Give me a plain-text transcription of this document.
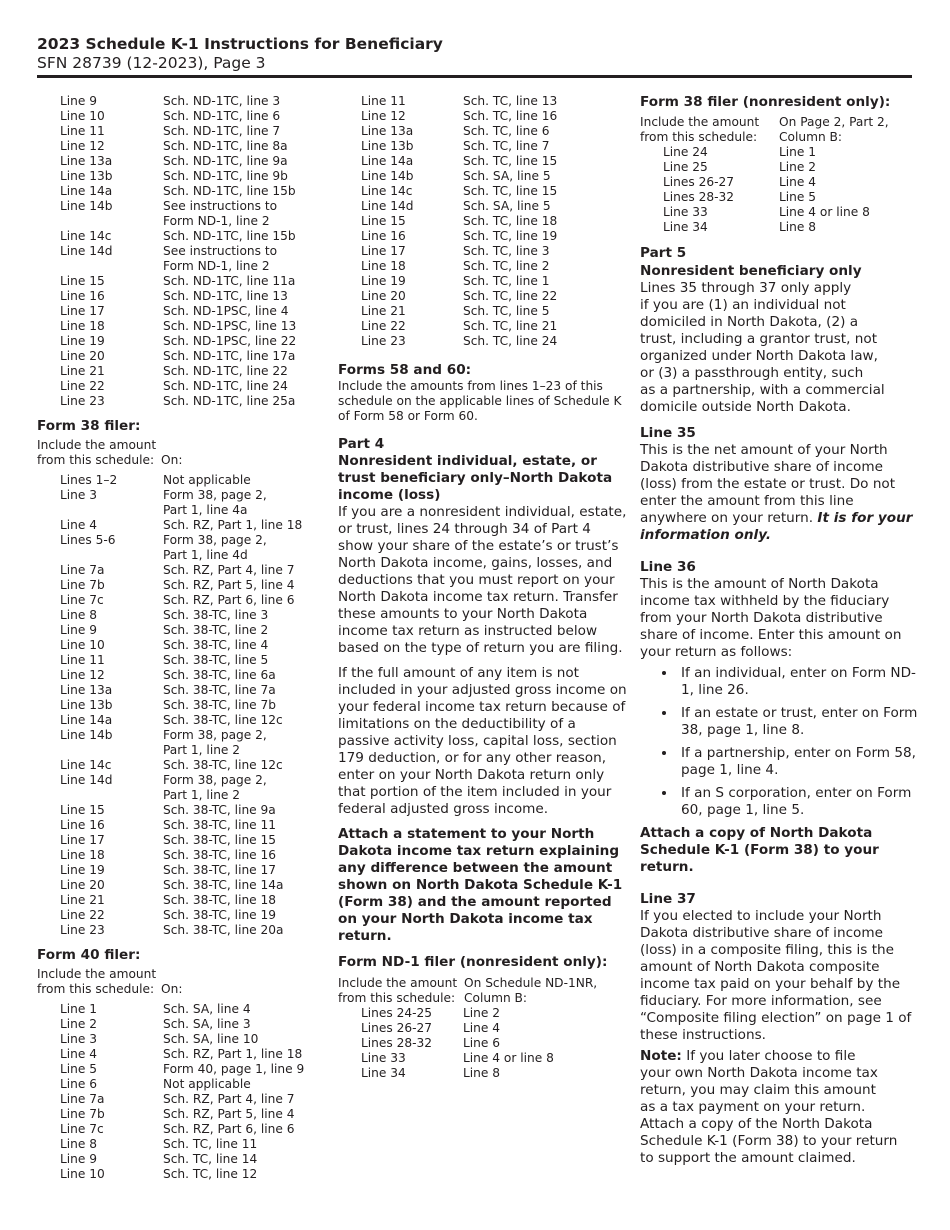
2023 Schedule K-1 Instructions for Beneficiary
SFN 28739 (12-2023), Page 3
Line 9	Sch. ND-1TC, line 3
Line 10	Sch. ND-1TC, line 6
Line 11	Sch. ND-1TC, line 7
Line 12	Sch. ND-1TC, line 8a
Line 13a	Sch. ND-1TC, line 9a
Line 13b	Sch. ND-1TC, line 9b
Line 14a	Sch. ND-1TC, line 15b
Line 14b	See instructions to
Form ND-1, line 2
Line 14c	Sch. ND-1TC, line 15b
Line 14d	See instructions to
Form ND-1, line 2
Line 15	Sch. ND-1TC, line 11a
Line 16	Sch. ND-1TC, line 13
Line 17	Sch. ND-1PSC, line 4
Line 18	Sch. ND-1PSC, line 13
Line 19	Sch. ND-1PSC, line 22
Line 20	Sch. ND-1TC, line 17a
Line 21	Sch. ND-1TC, line 22
Line 22	Sch. ND-1TC, line 24
Line 23	Sch. ND-1TC, line 25a
Form 38 filer:
Include the amount
from this schedule: On:
Lines 1–2	Not applicable
Line 3	Form 38, page 2,
Part 1, line 4a
Line 4	Sch. RZ, Part 1, line 18
Lines 5-6	Form 38, page 2,
Part 1, line 4d
Line 7a	Sch. RZ, Part 4, line 7
Line 7b	Sch. RZ, Part 5, line 4
Line 7c	Sch. RZ, Part 6, line 6
Line 8	Sch. 38-TC, line 3
Line 9	Sch. 38-TC, line 2
Line 10	Sch. 38-TC, line 4
Line 11	Sch. 38-TC, line 5
Line 12	Sch. 38-TC, line 6a
Line 13a	Sch. 38-TC, line 7a
Line 13b	Sch. 38-TC, line 7b
Line 14a	Sch. 38-TC, line 12c
Line 14b	Form 38, page 2,
Part 1, line 2
Line 14c	Sch. 38-TC, line 12c
Line 14d	Form 38, page 2,
Part 1, line 2
Line 15	Sch. 38-TC, line 9a
Line 16	Sch. 38-TC, line 11
Line 17	Sch. 38-TC, line 15
Line 18	Sch. 38-TC, line 16
Line 19	Sch. 38-TC, line 17
Line 20	Sch. 38-TC, line 14a
Line 21	Sch. 38-TC, line 18
Line 22	Sch. 38-TC, line 19
Line 23	Sch. 38-TC, line 20a
Form 40 filer:
Include the amount
from this schedule: On:
Line 1	Sch. SA, line 4
Line 2	Sch. SA, line 3
Line 3	Sch. SA, line 10
Line 4	Sch. RZ, Part 1, line 18
Line 5	Form 40, page 1, line 9
Line 6	Not applicable
Line 7a	Sch. RZ, Part 4, line 7
Line 7b	Sch. RZ, Part 5, line 4
Line 7c	Sch. RZ, Part 6, line 6
Line 8	Sch. TC, line 11
Line 9	Sch. TC, line 14
Line 10	Sch. TC, line 12
Line 11	Sch. TC, line 13
Line 12	Sch. TC, line 16
Line 13a	Sch. TC, line 6
Line 13b	Sch. TC, line 7
Line 14a	Sch. TC, line 15
Line 14b	Sch. SA, line 5
Line 14c	Sch. TC, line 15
Line 14d	Sch. SA, line 5
Line 15	Sch. TC, line 18
Line 16	Sch. TC, line 19
Line 17	Sch. TC, line 3
Line 18	Sch. TC, line 2
Line 19	Sch. TC, line 1
Line 20	Sch. TC, line 22
Line 21	Sch. TC, line 5
Line 22	Sch. TC, line 21
Line 23	Sch. TC, line 24
Forms 58 and 60:

Include the amounts from lines 1–23 of this schedule on the applicable lines of Schedule K of Form 58 or Form 60.

Part 4
Nonresident individual, estate, or trust beneficiary only–North Dakota income (loss)

If you are a nonresident individual, estate, or trust, lines 24 through 34 of Part 4 show your share of the estate’s or trust’s North Dakota income, gains, losses, and deductions that you must report on your North Dakota income tax return. Transfer these amounts to your North Dakota income tax return as instructed below based on the type of return you are filing.

If the full amount of any item is not included in your adjusted gross income on your federal income tax return because of limitations on the deductibility of a passive activity loss, capital loss, section 179 deduction, or for any other reason, enter on your North Dakota return only that portion of the item included in your federal adjusted gross income.

Attach a statement to your North Dakota income tax return explaining any difference between the amount shown on North Dakota Schedule K-1 (Form 38) and the amount reported on your North Dakota income tax return.

Form ND-1 filer (nonresident only):
Include the amount
from this schedule:
On Schedule ND-1NR,
Column B:
Lines 24-25	Line 2
Lines 26-27	Line 4
Lines 28-32	Line 6
Line 33	Line 4 or line 8
Line 34	Line 8
Form 38 filer (nonresident only):
Include the amount
from this schedule:
On Page 2, Part 2,
Column B:
Line 24	Line 1
Line 25	Line 2
Lines 26-27	Line 4
Lines 28-32	Line 5
Line 33	Line 4 or line 8
Line 34	Line 8
Part 5
Nonresident beneficiary only

Lines 35 through 37 only apply
if you are (1) an individual not
domiciled in North Dakota, (2) a
trust, including a grantor trust, not
organized under North Dakota law,
or (3) a passthrough entity, such
as a partnership, with a commercial
domicile outside North Dakota.

Line 35

This is the net amount of your North Dakota distributive share of income (loss) from the estate or trust. Do not enter the amount from this line anywhere on your return. It is for your information only.

Line 36

This is the amount of North Dakota income tax withheld by the fiduciary from your North Dakota distributive share of income. Enter this amount on your return as follows:

• If an individual, enter on Form ND-1, line 26.
• If an estate or trust, enter on Form 38, page 1, line 8.
• If a partnership, enter on Form 58, page 1, line 4.
• If an S corporation, enter on Form 60, page 1, line 5.

Attach a copy of North Dakota Schedule K-1 (Form 38) to your return.

Line 37

If you elected to include your North Dakota distributive share of income (loss) in a composite filing, this is the amount of North Dakota composite income tax paid on your behalf by the fiduciary. For more information, see “Composite filing election” on page 1 of these instructions.

Note: If you later choose to file
your own North Dakota income tax
return, you may claim this amount
as a tax payment on your return.
Attach a copy of the North Dakota
Schedule K-1 (Form 38) to your return
to support the amount claimed.
